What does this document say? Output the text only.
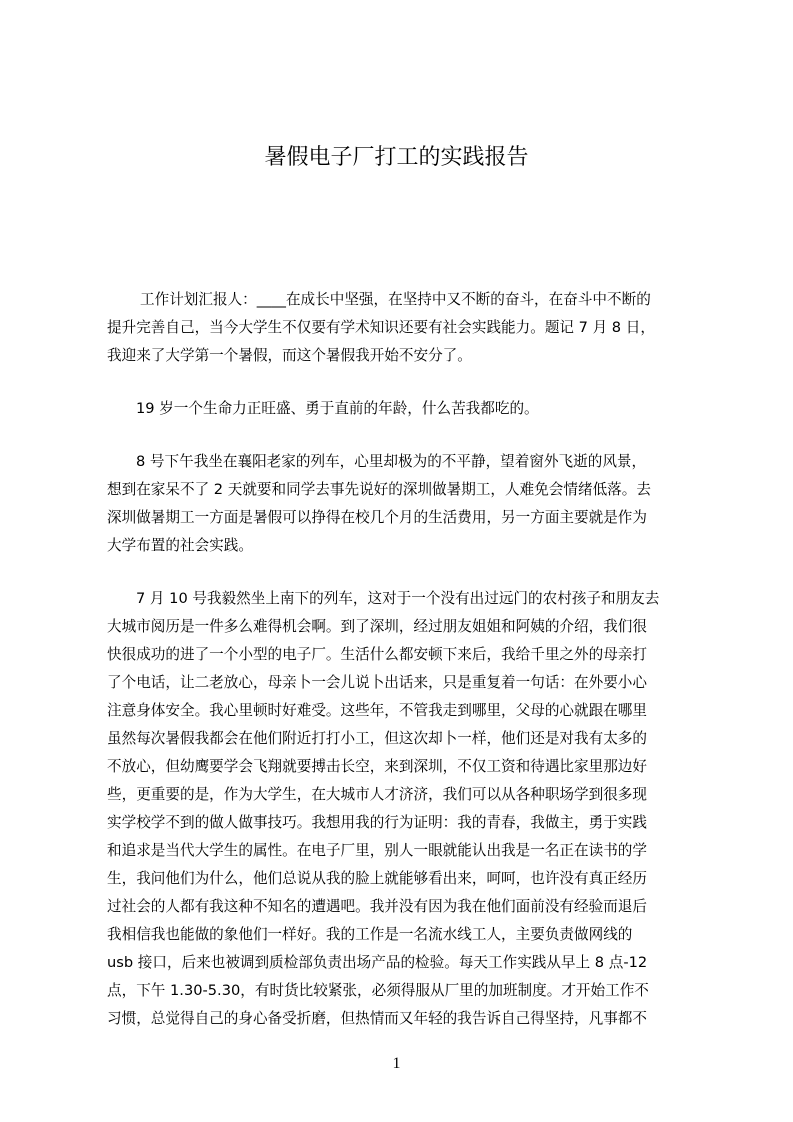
暑假电子厂打工的实践报告
工作计划汇报人：____在成长中坚强，在坚持中又不断的奋斗，在奋斗中不断的
提升完善自己，当今大学生不仅要有学术知识还要有社会实践能力。题记 7 月 8 日，
我迎来了大学第一个暑假，而这个暑假我开始不安分了。
19 岁一个生命力正旺盛、勇于直前的年龄，什么苦我都吃的。
8 号下午我坐在襄阳老家的列车，心里却极为的不平静，望着窗外飞逝的风景，
想到在家呆不了 2 天就要和同学去事先说好的深圳做暑期工，人难免会情绪低落。去
深圳做暑期工一方面是暑假可以挣得在校几个月的生活费用，另一方面主要就是作为
大学布置的社会实践。
7 月 10 号我毅然坐上南下的列车，这对于一个没有出过远门的农村孩子和朋友去
大城市阅历是一件多么难得机会啊。到了深圳，经过朋友姐姐和阿姨的介绍，我们很
快很成功的进了一个小型的电子厂。生活什么都安顿下来后，我给千里之外的母亲打
了个电话，让二老放心，母亲卜一会儿说卜出话来，只是重复着一句话：在外要小心
注意身体安全。我心里顿时好难受。这些年，不管我走到哪里，父母的心就跟在哪里
虽然每次暑假我都会在他们附近打打小工，但这次却卜一样，他们还是对我有太多的
不放心，但幼鹰要学会飞翔就要搏击长空，来到深圳，不仅工资和待遇比家里那边好
些，更重要的是，作为大学生，在大城市人才济济，我们可以从各种职场学到很多现
实学校学不到的做人做事技巧。我想用我的行为证明：我的青春，我做主，勇于实践
和追求是当代大学生的属性。在电子厂里，别人一眼就能认出我是一名正在读书的学
生，我问他们为什么，他们总说从我的脸上就能够看出来，呵呵，也许没有真正经历
过社会的人都有我这种不知名的遭遇吧。我并没有因为我在他们面前没有经验而退后
我相信我也能做的象他们一样好。我的工作是一名流水线工人，主要负责做网线的
usb 接口，后来也被调到质检部负责出场产品的检验。每天工作实践从早上 8 点-12
点，下午 1.30-5.30，有时货比较紧张，必须得服从厂里的加班制度。才开始工作不
习惯，总觉得自己的身心备受折磨，但热情而又年轻的我告诉自己得坚持，凡事都不
1
